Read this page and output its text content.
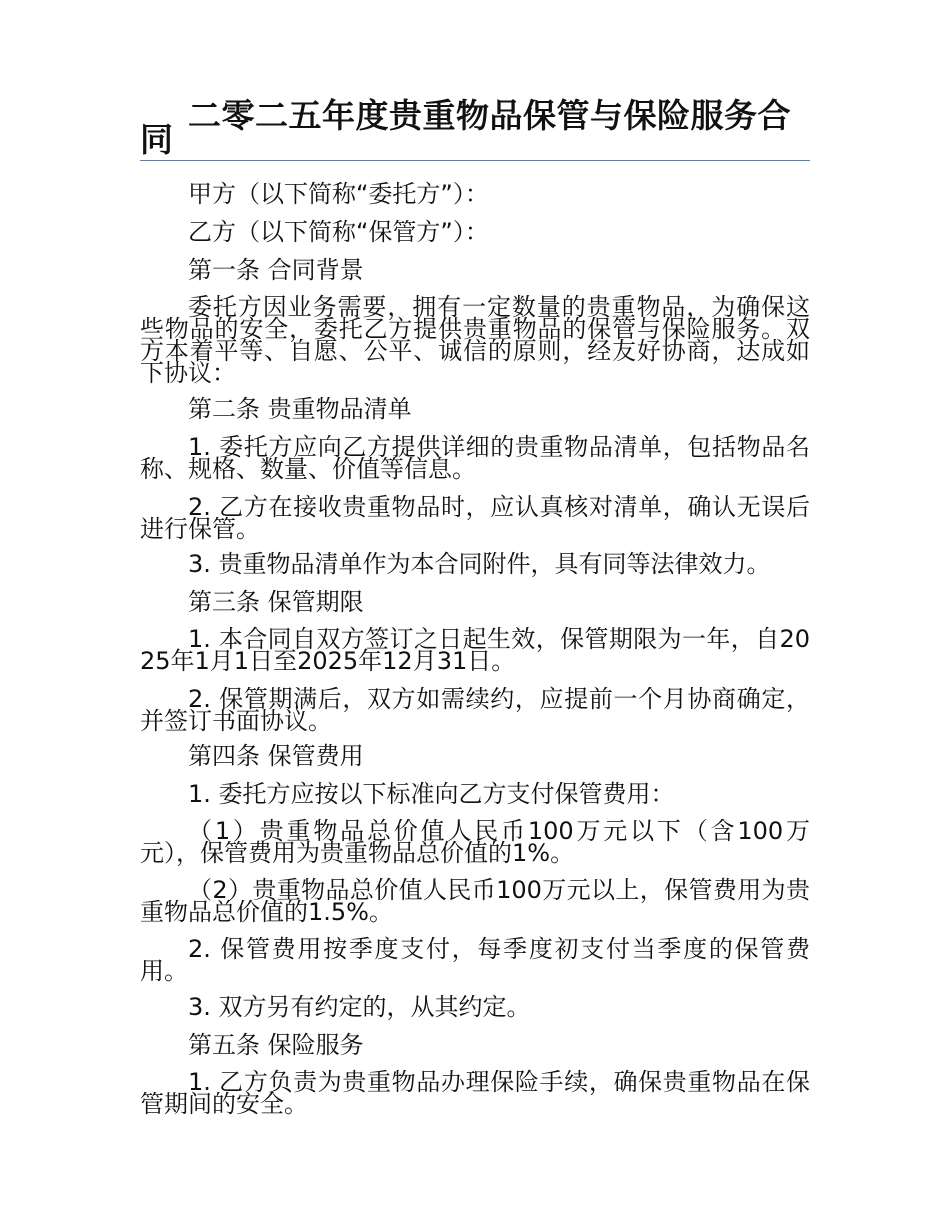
二零二五年度贵重物品保管与保险服务合同

甲方（以下简称“委托方”）：

乙方（以下简称“保管方”）：

第一条 合同背景

委托方因业务需要，拥有一定数量的贵重物品，为确保这些物品的安全，委托乙方提供贵重物品的保管与保险服务。双方本着平等、自愿、公平、诚信的原则，经友好协商，达成如下协议：

第二条 贵重物品清单

1. 委托方应向乙方提供详细的贵重物品清单，包括物品名称、规格、数量、价值等信息。

2. 乙方在接收贵重物品时，应认真核对清单，确认无误后进行保管。

3. 贵重物品清单作为本合同附件，具有同等法律效力。

第三条 保管期限

1. 本合同自双方签订之日起生效，保管期限为一年，自2025年1月1日至2025年12月31日。

2. 保管期满后，双方如需续约，应提前一个月协商确定，并签订书面协议。

第四条 保管费用

1. 委托方应按以下标准向乙方支付保管费用：

（1）贵重物品总价值人民币100万元以下（含100万元），保管费用为贵重物品总价值的1%。

（2）贵重物品总价值人民币100万元以上，保管费用为贵重物品总价值的1.5%。

2. 保管费用按季度支付，每季度初支付当季度的保管费用。

3. 双方另有约定的，从其约定。

第五条 保险服务

1. 乙方负责为贵重物品办理保险手续，确保贵重物品在保管期间的安全。
